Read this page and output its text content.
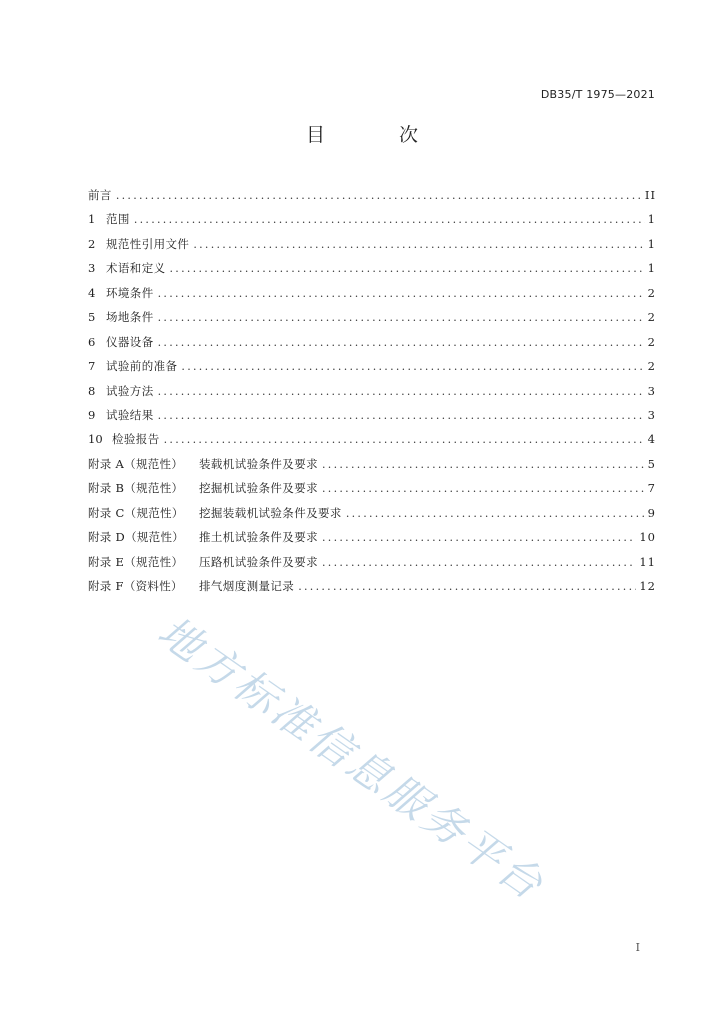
DB35/T 1975—2021
目 次
前言 .....	II
1 范围 .....	1
2 规范性引用文件 .....	1
3 术语和定义 .....	1
4 环境条件 .....	2
5 场地条件 .....	2
6 仪器设备 .....	2
7 试验前的准备 .....	2
8 试验方法 .....	3
9 试验结果 .....	3
10 检验报告 .....	4
附录 A（规范性）	装载机试验条件及要求 .....	5
附录 B（规范性）	挖掘机试验条件及要求 .....	7
附录 C（规范性）	挖掘装载机试验条件及要求 .....	9
附录 D（规范性）	推土机试验条件及要求 .....	10
附录 E（规范性）	压路机试验条件及要求 .....	11
附录 F（资料性）	排气烟度测量记录 .....	12
地方标准信息服务平台
I
